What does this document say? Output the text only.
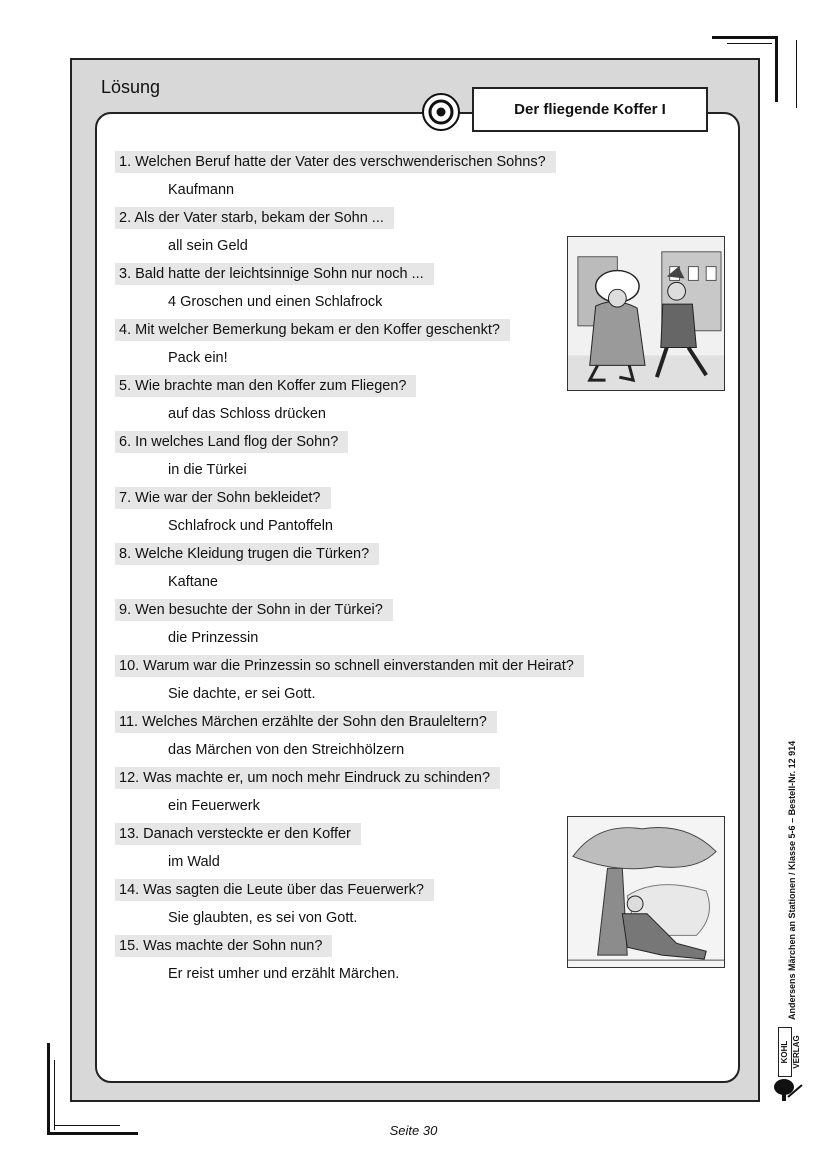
Lösung
Der fliegende Koffer I
1. Welchen Beruf hatte der Vater des verschwenderischen Sohns?

Kaufmann
2. Als der Vater starb, bekam der Sohn ...

all sein Geld
3. Bald hatte der leichtsinnige Sohn nur noch ...

4 Groschen und einen Schlafrock
4. Mit welcher Bemerkung bekam er den Koffer geschenkt?

Pack ein!
5. Wie brachte man den Koffer zum Fliegen?

auf das Schloss drücken
6. In welches Land flog der Sohn?

in die Türkei
7. Wie war der Sohn bekleidet?

Schlafrock und Pantoffeln
8. Welche Kleidung trugen die Türken?

Kaftane
9. Wen besuchte der Sohn in der Türkei?

die Prinzessin
10. Warum war die Prinzessin so schnell einverstanden mit der Heirat?

Sie dachte, er sei Gott.
11. Welches Märchen erzählte der Sohn den Brauleltern?

das Märchen von den Streichhölzern
12. Was machte er, um noch mehr Eindruck zu schinden?

ein Feuerwerk
13. Danach versteckte er den Koffer

im Wald
14. Was sagten die Leute über das Feuerwerk?

Sie glaubten, es sei von Gott.
15. Was machte der Sohn nun?

Er reist umher und erzählt Märchen.	Andersens Märchen an Stationen / Klasse 5-6 – Bestell-Nr. 12 914
KOHL VERLAG
Seite 30
